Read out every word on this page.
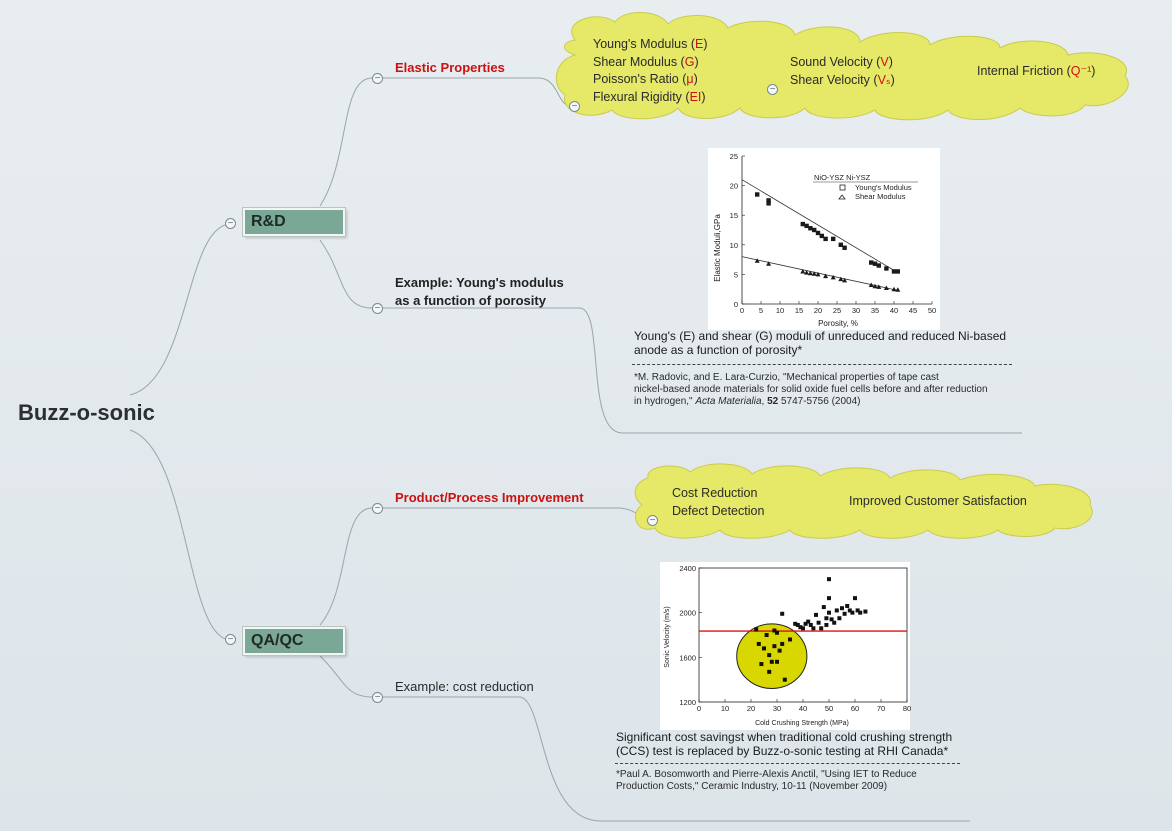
Buzz-o-sonic
−	R&D
−	QA/QC
−
Elastic Properties
−
Example: Young's modulus
as a function of porosity
−
Product/Process Improvement
−
Example: cost reduction
Young's Modulus (E)
Shear Modulus (G)
Poisson's Ratio (μ)
Flexural Rigidity (EI)
−
Sound Velocity (V)
Shear Velocity (Vₛ)
−
Internal Friction (Q⁻¹)
Cost Reduction
Defect Detection
−
Improved Customer Satisfaction
Elastic Moduli,GPa
Porosity, %
NiO-YSZ Ni-YSZ
Young's Modulus
Shear Modulus
0 5 10 15 20 25 30 35 40 45 50
0
5
10
15
20
25
Young's (E) and shear (G) moduli of unreduced and reduced Ni-based anode as a function of porosity*
*M. Radovic, and E. Lara-Curzio, "Mechanical properties of tape cast
nickel-based anode materials for solid oxide fuel cells before and after reduction
in hydrogen," Acta Materialia, 52 5747-5756 (2004)
Sonic Velocity (m/s)
Cold Crushing Strength (MPa)
0	10 20 30 40 50 60 70 80
1200
1600
2000
2400
Significant cost savingst when traditional cold crushing strength
(CCS) test is replaced by Buzz-o-sonic testing at RHI Canada*
*Paul A. Bosomworth and Pierre-Alexis Anctil, "Using IET to Reduce
Production Costs," Ceramic Industry, 10-11 (November 2009)
